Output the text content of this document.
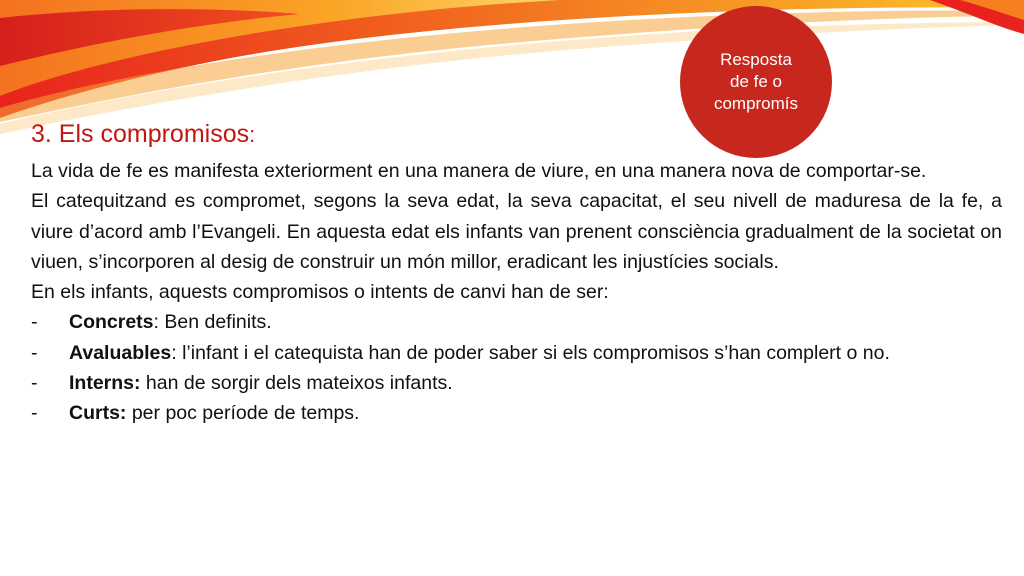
Resposta
de fe o
compromís
3. Els compromisos:
La vida de fe es manifesta exteriorment en una manera de viure, en una manera nova de comportar-se.
El catequitzand es compromet, segons la seva edat, la seva capacitat, el seu nivell de maduresa de la fe, a viure d’acord amb l’Evangeli. En aquesta edat els infants van prenent consciència gradualment de la societat on viuen, s’incorporen al desig de construir un món millor, eradicant les injustícies socials.
En els infants, aquests compromisos o intents de canvi han de ser:
-	Concrets: Ben definits.
-	Avaluables: l’infant i el catequista han de poder saber si els compromisos s’han complert o no.
-	Interns: han de sorgir dels mateixos infants.
-	Curts: per poc període de temps.
